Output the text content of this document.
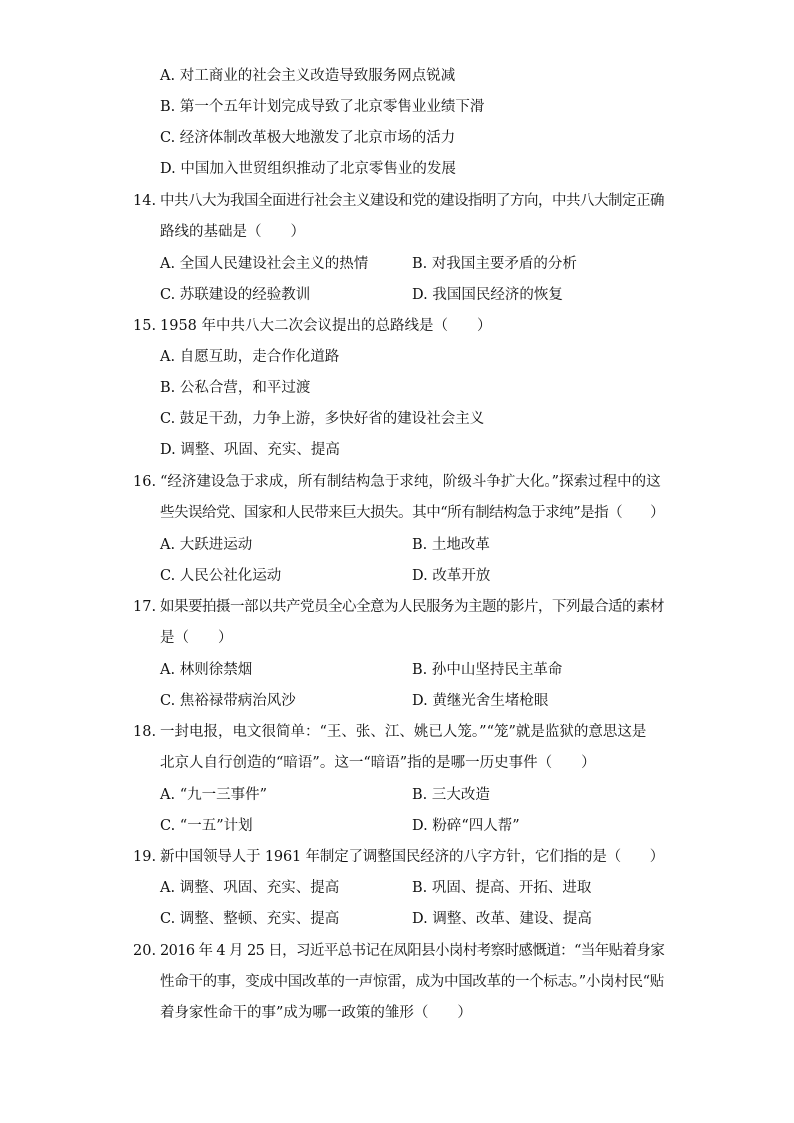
A. 对工商业的社会主义改造导致服务网点锐减
B. 第一个五年计划完成导致了北京零售业业绩下滑
C. 经济体制改革极大地激发了北京市场的活力
D. 中国加入世贸组织推动了北京零售业的发展
14. 中共八大为我国全面进行社会主义建设和党的建设指明了方向，中共八大制定正确
路线的基础是（　　）
A. 全国人民建设社会主义的热情	B. 对我国主要矛盾的分析
C. 苏联建设的经验教训	D. 我国国民经济的恢复
15. 1958 年中共八大二次会议提出的总路线是（　　）
A. 自愿互助，走合作化道路
B. 公私合营，和平过渡
C. 鼓足干劲，力争上游，多快好省的建设社会主义
D. 调整、巩固、充实、提高
16. “经济建设急于求成，所有制结构急于求纯，阶级斗争扩大化。”探索过程中的这
些失误给党、国家和人民带来巨大损失。其中“所有制结构急于求纯”是指（　　）
A. 大跃进运动	B. 土地改革
C. 人民公社化运动	D. 改革开放
17. 如果要拍摄一部以共产党员全心全意为人民服务为主题的影片，下列最合适的素材
是（　　）
A. 林则徐禁烟	B. 孙中山坚持民主革命
C. 焦裕禄带病治风沙	D. 黄继光舍生堵枪眼
18. 一封电报，电文很简单：“王、张、江、姚已人笼。”“笼”就是监狱的意思这是
北京人自行创造的“暗语”。这一“暗语”指的是哪一历史事件（　　）
A. “九一三事件”	B. 三大改造
C. “一五”计划	D. 粉碎“四人帮”
19. 新中国领导人于 1961 年制定了调整国民经济的八字方针，它们指的是（　　）
A. 调整、巩固、充实、提高	B. 巩固、提高、开拓、进取
C. 调整、整顿、充实、提高	D. 调整、改革、建设、提高
20. 2016 年 4 月 25 日，习近平总书记在凤阳县小岗村考察时感慨道：“当年贴着身家
性命干的事，变成中国改革的一声惊雷，成为中国改革的一个标志。”小岗村民“贴
着身家性命干的事”成为哪一政策的雏形（　　）
